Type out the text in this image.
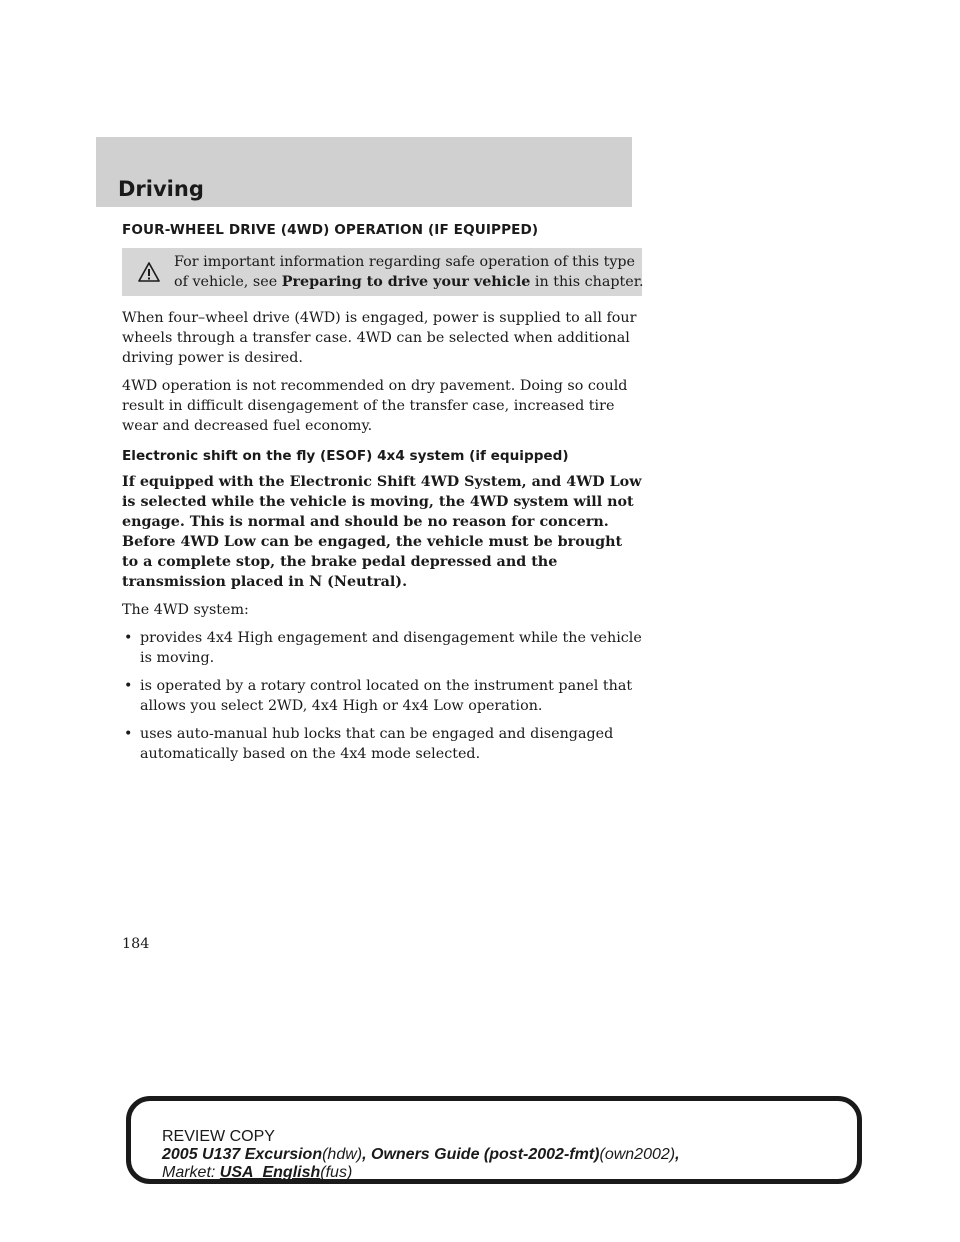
Driving
FOUR-WHEEL DRIVE (4WD) OPERATION (IF EQUIPPED)
For important information regarding safe operation of this type of vehicle, see Preparing to drive your vehicle in this chapter.

When four–wheel drive (4WD) is engaged, power is supplied to all four wheels through a transfer case. 4WD can be selected when additional driving power is desired.

4WD operation is not recommended on dry pavement. Doing so could result in difficult disengagement of the transfer case, increased tire wear and decreased fuel economy.

Electronic shift on the fly (ESOF) 4x4 system (if equipped)

If equipped with the Electronic Shift 4WD System, and 4WD Low is selected while the vehicle is moving, the 4WD system will not engage. This is normal and should be no reason for concern. Before 4WD Low can be engaged, the vehicle must be brought to a complete stop, the brake pedal depressed and the transmission placed in N (Neutral).

The 4WD system:

• provides 4x4 High engagement and disengagement while the vehicle is moving.
• is operated by a rotary control located on the instrument panel that allows you select 2WD, 4x4 High or 4x4 Low operation.
• uses auto-manual hub locks that can be engaged and disengaged automatically based on the 4x4 mode selected.
184
REVIEW COPY
2005 U137 Excursion(hdw), Owners Guide (post-2002-fmt)(own2002),
Market: USA_English(fus)
